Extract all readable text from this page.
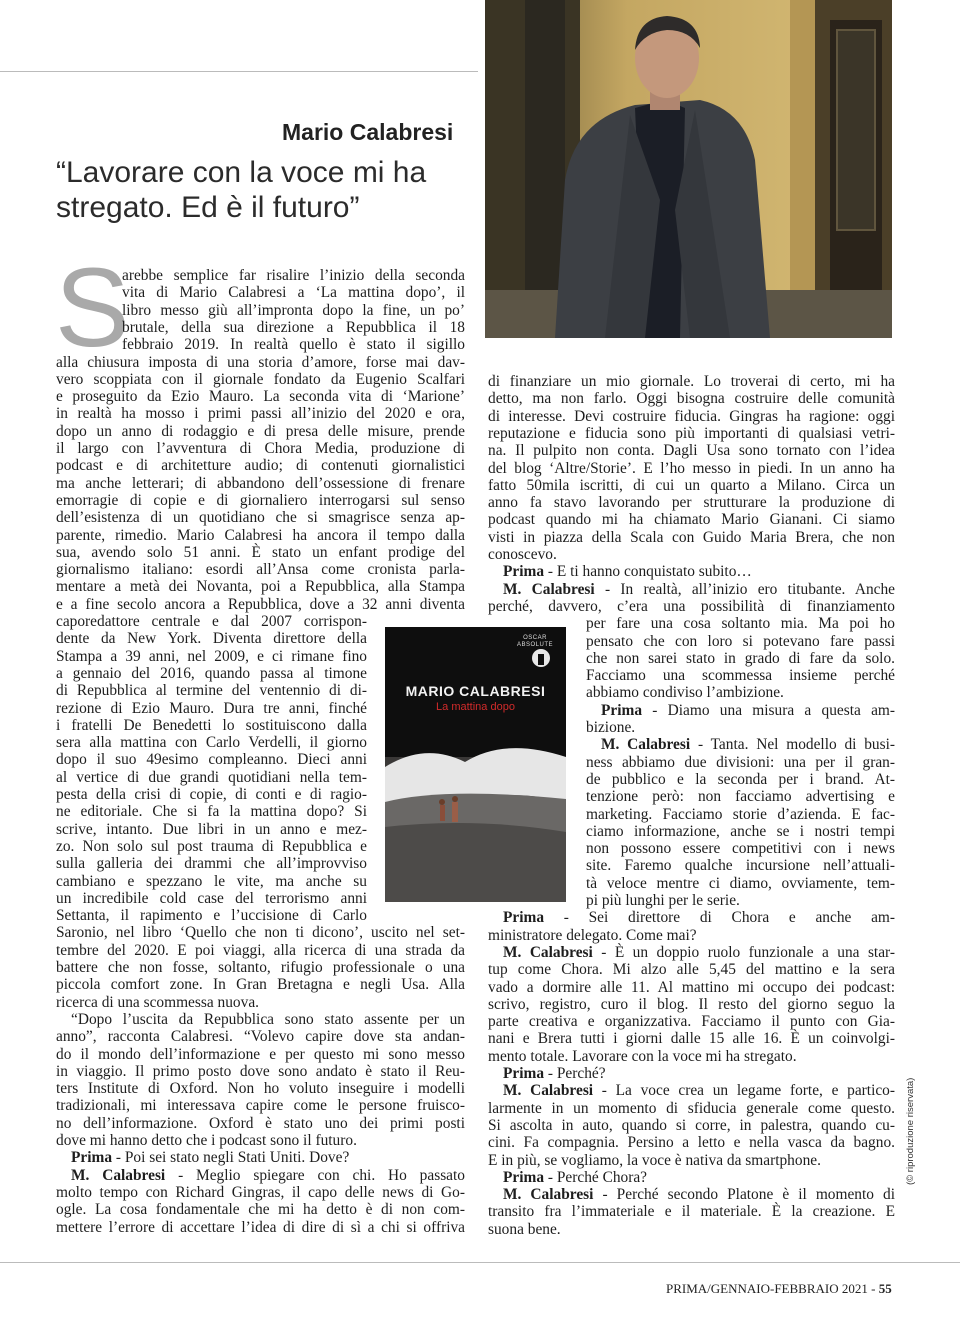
Mario Calabresi
“Lavorare con la voce mi ha stregato. Ed è il futuro”
S

arebbe semplice far risalire l’inizio della seconda

vita di Mario Calabresi a ‘La mattina dopo’, il

libro messo giù all’impronta dopo la fine, un po’

brutale, della sua direzione a Repubblica il 18

febbraio 2019. In realtà quello è stato il sigillo

alla chiusura imposta di una storia d’amore, forse mai dav-

vero scoppiata con il giornale fondato da Eugenio Scalfari

e proseguito da Ezio Mauro. La seconda vita di ‘Marione’

in realtà ha mosso i primi passi all’inizio del 2020 e ora,

dopo un anno di rodaggio e di presa delle misure, prende

il largo con l’avventura di Chora Media, produzione di

podcast e di architetture audio; di contenuti giornalistici

ma anche letterari; di abbandono dell’ossessione di frenare

emorragie di copie e di giornaliero interrogarsi sul senso

dell’esistenza di un quotidiano che si smagrisce senza ap-

parente, rimedio. Mario Calabresi ha ancora il tempo dalla

sua, avendo solo 51 anni. È stato un enfant prodige del

giornalismo italiano: esordi all’Ansa come cronista parla-

mentare a metà dei Novanta, poi a Repubblica, alla Stampa

e a fine secolo ancora a Repubblica, dove a 32 anni diventa

caporedattore centrale e dal 2007 corrispon-

dente da New York. Diventa direttore della

Stampa a 39 anni, nel 2009, e ci rimane fino

a gennaio del 2016, quando passa al timone

di Repubblica al termine del ventennio di di-

rezione di Ezio Mauro. Dura tre anni, finché

i fratelli De Benedetti lo sostituiscono dalla

sera alla mattina con Carlo Verdelli, il giorno

dopo il suo 49esimo compleanno. Dieci anni

al vertice di due grandi quotidiani nella tem-

pesta della crisi di copie, di conti e di ragio-

ne editoriale. Che si fa la mattina dopo? Si

scrive, intanto. Due libri in un anno e mez-

zo. Non solo sul post trauma di Repubblica e

sulla galleria dei drammi che all’improvviso

cambiano e spezzano le vite, ma anche su

un incredibile cold case del terrorismo anni

Settanta, il rapimento e l’uccisione di Carlo

Saronio, nel libro ‘Quello che non ti dicono’, uscito nel set-

tembre del 2020. E poi viaggi, alla ricerca di una strada da

battere che non fosse, soltanto, rifugio professionale o una

piccola comfort zone. In Gran Bretagna e negli Usa. Alla

ricerca di una scommessa nuova.

“Dopo l’uscita da Repubblica sono stato assente per un

anno”, racconta Calabresi. “Volevo capire dove sta andan-

do il mondo dell’informazione e per questo mi sono messo

in viaggio. Il primo posto dove sono andato è stato il Reu-

ters Institute di Oxford. Non ho voluto inseguire i modelli

tradizionali, mi interessava capire come le persone fruisco-

no dell’informazione. Oxford è stato uno dei primi posti

dove mi hanno detto che i podcast sono il futuro.

Prima - Poi sei stato negli Stati Uniti. Dove?

M. Calabresi - Meglio spiegare con chi. Ho passato

molto tempo con Richard Gingras, il capo delle news di Go-

ogle. La cosa fondamentale che mi ha detto è di non com-

mettere l’errore di accettare l’idea di dire di sì a chi si offriva

di finanziare un mio giornale. Lo troverai di certo, mi ha

detto, ma non farlo. Oggi bisogna costruire delle comunità

di interesse. Devi costruire fiducia. Gingras ha ragione: oggi

reputazione e fiducia sono più importanti di qualsiasi vetri-

na. Il pulpito non conta. Dagli Usa sono tornato con l’idea

del blog ‘Altre/Storie’. E l’ho messo in piedi. In un anno ha

fatto 50mila iscritti, di cui un quarto a Milano. Circa un

anno fa stavo lavorando per strutturare la produzione di

podcast quando mi ha chiamato Mario Gianani. Ci siamo

visti in piazza della Scala con Guido Maria Brera, che non

conoscevo.

Prima - E ti hanno conquistato subito…

M. Calabresi - In realtà, all’inizio ero titubante. Anche

perché, davvero, c’era una possibilità di finanziamento

per fare una cosa soltanto mia. Ma poi ho

pensato che con loro si potevano fare passi

che non sarei stato in grado di fare da solo.

Facciamo una scommessa insieme perché

abbiamo condiviso l’ambizione.

Prima - Diamo una misura a questa am-

bizione.

M. Calabresi - Tanta. Nel modello di busi-

ness abbiamo due divisioni: una per il gran-

de pubblico e la seconda per i brand. At-

tenzione però: non facciamo advertising e

marketing. Facciamo storie d’azienda. E fac-

ciamo informazione, anche se i nostri tempi

non possono essere competitivi con i news

site. Faremo qualche incursione nell’attuali-

tà veloce mentre ci diamo, ovviamente, tem-

pi più lunghi per le serie.

Prima - Sei direttore di Chora e anche am-

ministratore delegato. Come mai?

M. Calabresi - È un doppio ruolo funzionale a una star-

tup come Chora. Mi alzo alle 5,45 del mattino e la sera

vado a dormire alle 11. Al mattino mi occupo dei podcast:

scrivo, registro, curo il blog. Il resto del giorno seguo la

parte creativa e organizzativa. Facciamo il punto con Gia-

nani e Brera tutti i giorni dalle 15 alle 16. È un coinvolgi-

mento totale. Lavorare con la voce mi ha stregato.

Prima - Perché?

M. Calabresi - La voce crea un legame forte, e partico-

larmente in un momento di sfiducia generale come questo.

Si ascolta in auto, quando si corre, in palestra, quando cu-

cini. Fa compagnia. Persino a letto e nella vasca da bagno.

E in più, se vogliamo, la voce è nativa da smartphone.

Prima - Perché Chora?

M. Calabresi - Perché secondo Platone è il momento di

transito fra l’immateriale e il materiale. È la creazione. E

suona bene.

OSCAR ABSOLUTE
MARIO CALABRESI
La mattina dopo
(© riproduzione riservata)
PRIMA/GENNAIO-FEBBRAIO 2021 - 55
